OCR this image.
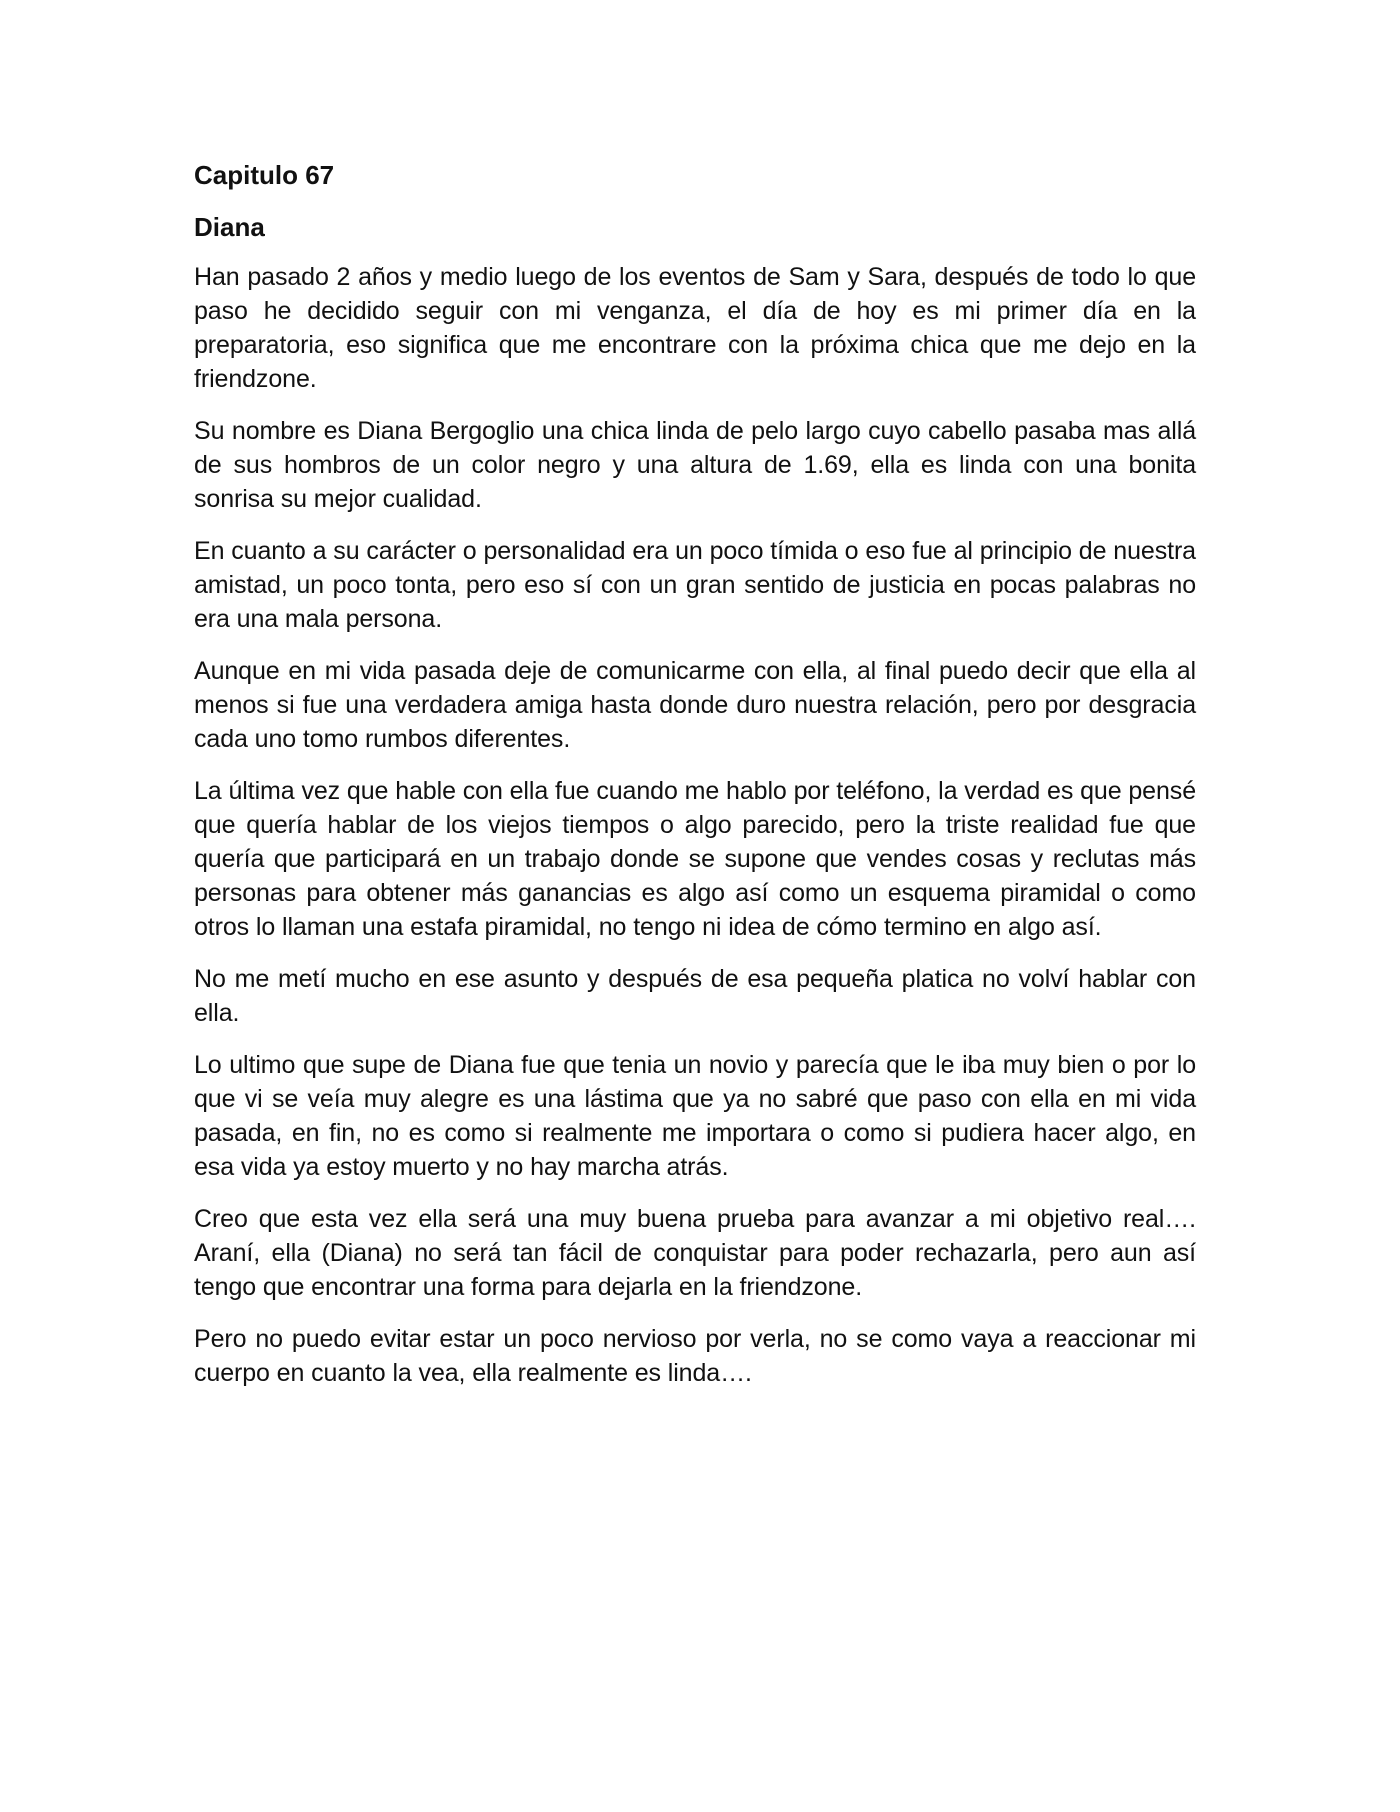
Capitulo 67
Diana

Han pasado 2 años y medio luego de los eventos de Sam y Sara, después de todo lo que paso he decidido seguir con mi venganza, el día de hoy es mi primer día en la preparatoria, eso significa que me encontrare con la próxima chica que me dejo en la friendzone.

Su nombre es Diana Bergoglio una chica linda de pelo largo cuyo cabello pasaba mas allá de sus hombros de un color negro y una altura de 1.69, ella es linda con una bonita sonrisa su mejor cualidad.

En cuanto a su carácter o personalidad era un poco tímida o eso fue al principio de nuestra amistad, un poco tonta, pero eso sí con un gran sentido de justicia en pocas palabras no era una mala persona.

Aunque en mi vida pasada deje de comunicarme con ella, al final puedo decir que ella al menos si fue una verdadera amiga hasta donde duro nuestra relación, pero por desgracia cada uno tomo rumbos diferentes.

La última vez que hable con ella fue cuando me hablo por teléfono, la verdad es que pensé que quería hablar de los viejos tiempos o algo parecido, pero la triste realidad fue que quería que participará en un trabajo donde se supone que vendes cosas y reclutas más personas para obtener más ganancias es algo así como un esquema piramidal o como otros lo llaman una estafa piramidal, no tengo ni idea de cómo termino en algo así.

No me metí mucho en ese asunto y después de esa pequeña platica no volví hablar con ella.

Lo ultimo que supe de Diana fue que tenia un novio y parecía que le iba muy bien o por lo que vi se veía muy alegre es una lástima que ya no sabré que paso con ella en mi vida pasada, en fin, no es como si realmente me importara o como si pudiera hacer algo, en esa vida ya estoy muerto y no hay marcha atrás.

Creo que esta vez ella será una muy buena prueba para avanzar a mi objetivo real…. Araní, ella (Diana) no será tan fácil de conquistar para poder rechazarla, pero aun así tengo que encontrar una forma para dejarla en la friendzone.

Pero no puedo evitar estar un poco nervioso por verla, no se como vaya a reaccionar mi cuerpo en cuanto la vea, ella realmente es linda….
